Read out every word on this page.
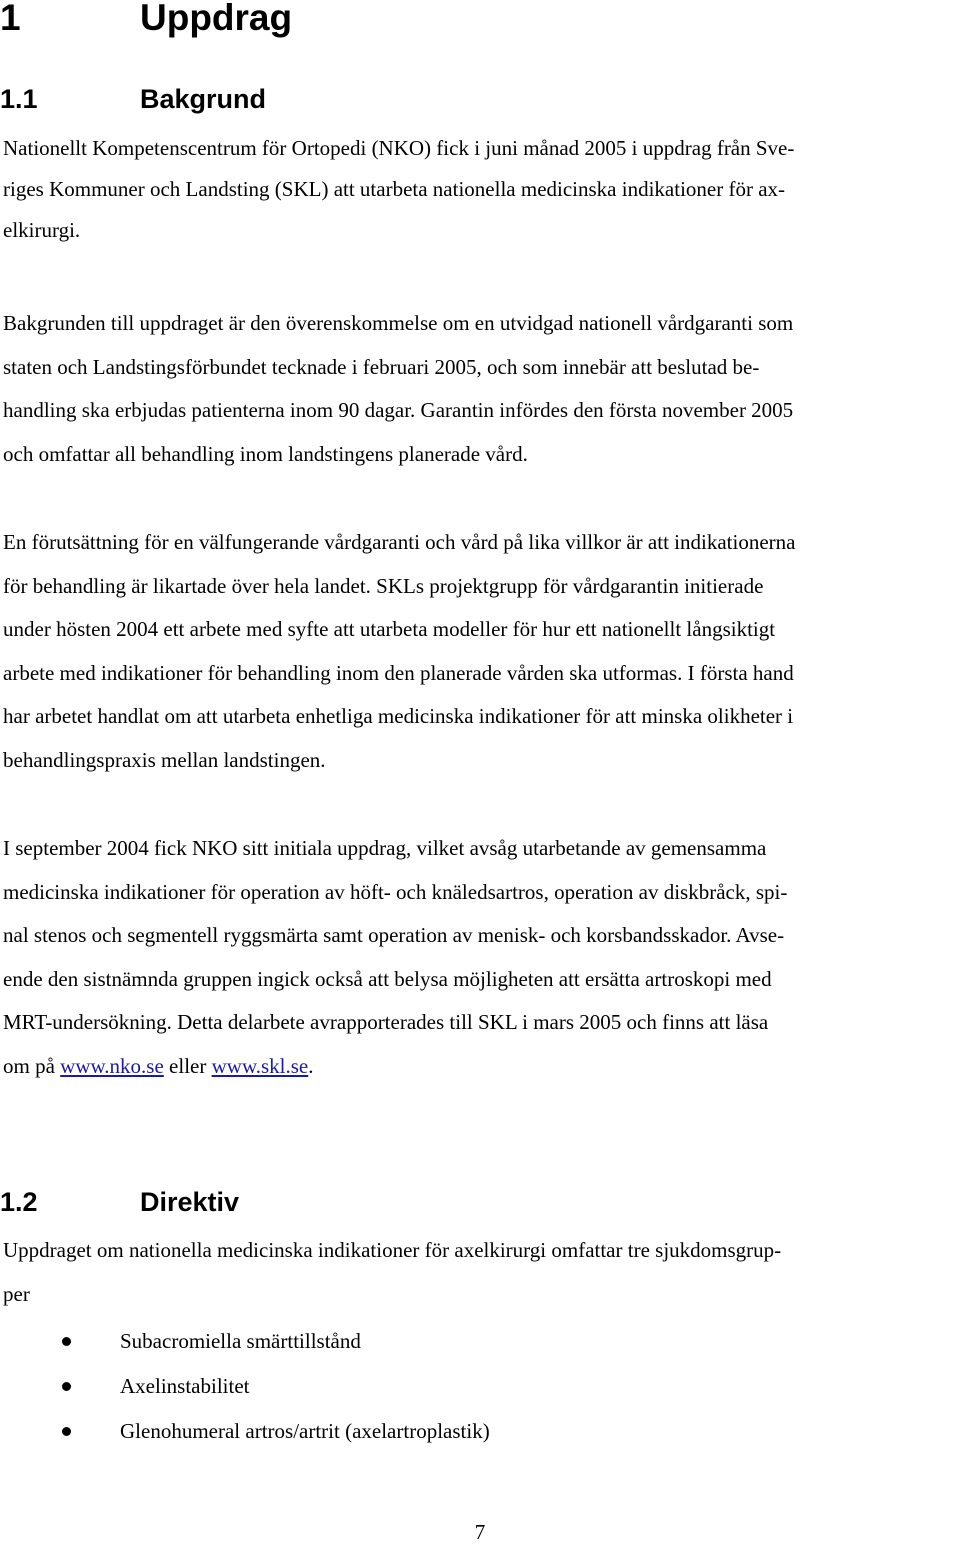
1	Uppdrag
1.1	Bakgrund
Nationellt Kompetenscentrum för Ortopedi (NKO) fick i juni månad 2005 i uppdrag från Sve-
riges Kommuner och Landsting (SKL) att utarbeta nationella medicinska indikationer för ax-
elkirurgi.
Bakgrunden till uppdraget är den överenskommelse om en utvidgad nationell vårdgaranti som
staten och Landstingsförbundet tecknade i februari 2005, och som innebär att beslutad be-
handling ska erbjudas patienterna inom 90 dagar. Garantin infördes den första november 2005
och omfattar all behandling inom landstingens planerade vård.
En förutsättning för en välfungerande vårdgaranti och vård på lika villkor är att indikationerna
för behandling är likartade över hela landet. SKLs projektgrupp för vårdgarantin initierade
under hösten 2004 ett arbete med syfte att utarbeta modeller för hur ett nationellt långsiktigt
arbete med indikationer för behandling inom den planerade vården ska utformas. I första hand
har arbetet handlat om att utarbeta enhetliga medicinska indikationer för att minska olikheter i
behandlingspraxis mellan landstingen.
I september 2004 fick NKO sitt initiala uppdrag, vilket avsåg utarbetande av gemensamma
medicinska indikationer för operation av höft- och knäledsartros, operation av diskbråck, spi-
nal stenos och segmentell ryggsmärta samt operation av menisk- och korsbandsskador. Avse-
ende den sistnämnda gruppen ingick också att belysa möjligheten att ersätta artroskopi med
MRT-undersökning. Detta delarbete avrapporterades till SKL i mars 2005 och finns att läsa
om på www.nko.se eller www.skl.se.
1.2	Direktiv
Uppdraget om nationella medicinska indikationer för axelkirurgi omfattar tre sjukdomsgrup-
per
Subacromiella smärttillstånd
Axelinstabilitet
Glenohumeral artros/artrit (axelartroplastik)
7
